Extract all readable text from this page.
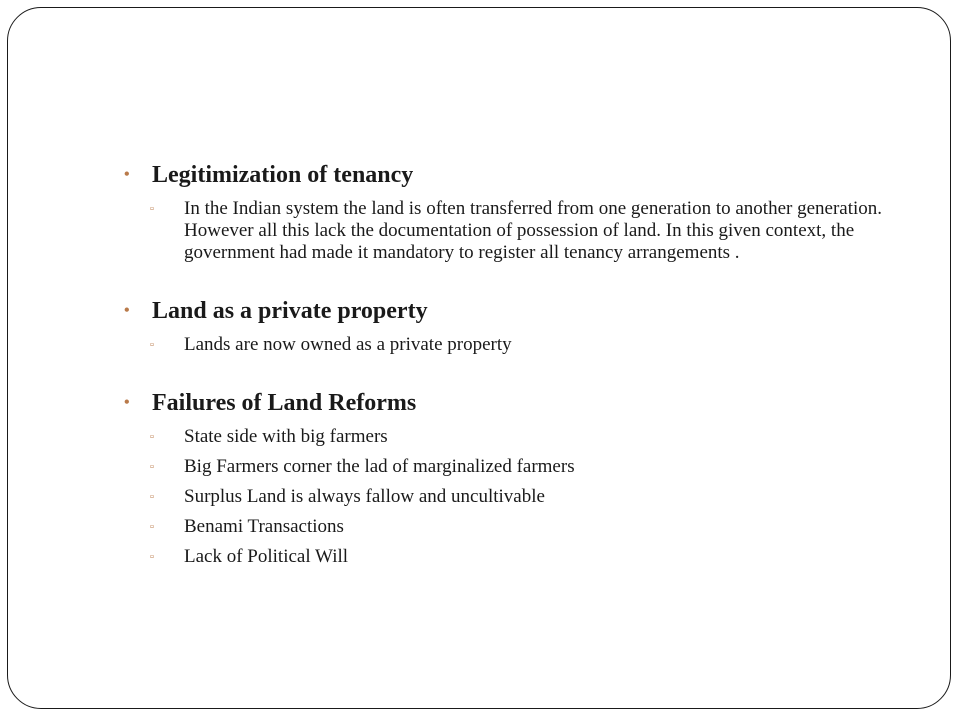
• Legitimization of tenancy
▫	In the Indian system the land is often transferred from one generation to another generation. However all this lack the documentation of possession of land. In this given context, the government had made it mandatory to register all tenancy arrangements .
• Land as a private property
▫	Lands are now owned as a private property
• Failures of Land Reforms
▫	State side with big farmers
▫	Big Farmers corner the lad of marginalized farmers
▫	Surplus Land is always fallow and uncultivable
▫	Benami Transactions
▫	Lack of Political Will
